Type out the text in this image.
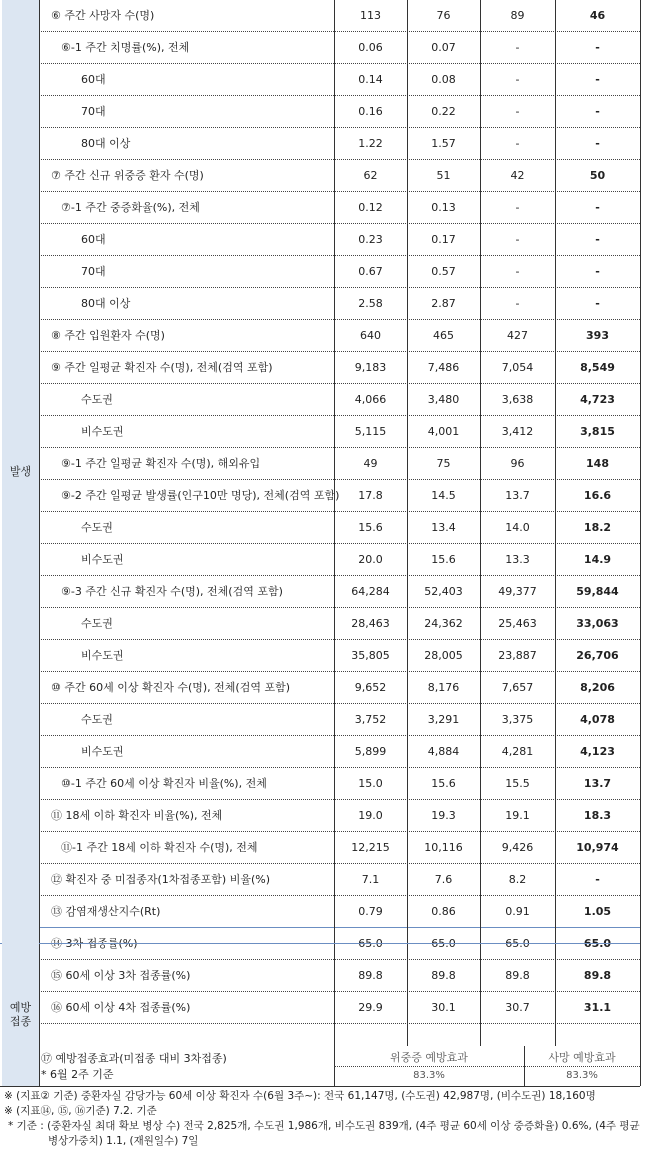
⑥ 주간 사망자 수(명)	113	76	89	46
⑥-1 주간 치명률(%), 전체	0.06	0.07	-	-
60대	0.14	0.08	-	-
70대	0.16	0.22	-	-
80대 이상	1.22	1.57	-	-
⑦ 주간 신규 위중증 환자 수(명)	62	51	42	50
⑦-1 주간 중증화율(%), 전체	0.12	0.13	-	-
60대	0.23	0.17	-	-
70대	0.67	0.57	-	-
80대 이상	2.58	2.87	-	-
⑧ 주간 입원환자 수(명)	640	465	427	393
⑨ 주간 일평균 확진자 수(명), 전체(검역 포함)	9,183	7,486	7,054	8,549
수도권	4,066	3,480	3,638	4,723
비수도권	5,115	4,001	3,412	3,815
⑨-1 주간 일평균 확진자 수(명), 해외유입	49	75	96	148
⑨-2 주간 일평균 발생률(인구10만 명당), 전체(검역 포함)	17.8	14.5	13.7	16.6
수도권	15.6	13.4	14.0	18.2
비수도권	20.0	15.6	13.3	14.9
⑨-3 주간 신규 확진자 수(명), 전체(검역 포함)	64,284	52,403	49,377	59,844
수도권	28,463	24,362	25,463	33,063
비수도권	35,805	28,005	23,887	26,706
⑩ 주간 60세 이상 확진자 수(명), 전체(검역 포함)	9,652	8,176	7,657	8,206
수도권	3,752	3,291	3,375	4,078
비수도권	5,899	4,884	4,281	4,123
⑩-1 주간 60세 이상 확진자 비율(%), 전체	15.0	15.6	15.5	13.7
⑪ 18세 이하 확진자 비율(%), 전체	19.0	19.3	19.1	18.3
⑪-1 주간 18세 이하 확진자 수(명), 전체	12,215	10,116	9,426	10,974
⑫ 확진자 중 미접종자(1차접종포함) 비율(%)	7.1	7.6	8.2	-
⑬ 감염재생산지수(Rt)	0.79	0.86	0.91	1.05
⑭ 3차 접종률(%)	65.0	65.0	65.0	65.0
⑮ 60세 이상 3차 접종률(%)	89.8	89.8	89.8	89.8
⑯ 60세 이상 4차 접종률(%)	29.9	30.1	30.7	31.1
발생
예방
접종
⑰ 예방접종효과(미접종 대비 3차접종)
* 6월 2주 기준
위중증 예방효과	사망 예방효과
83.3%	83.3%
※ (지표② 기준) 중환자실 감당가능 60세 이상 확진자 수(6월 3주~): 전국 61,147명, (수도권) 42,987명, (비수도권) 18,160명
※ (지표⑭, ⑮, ⑯기준) 7.2. 기준
* 기준 : (중환자실 최대 확보 병상 수) 전국 2,825개, 수도권 1,986개, 비수도권 839개, (4주 평균 60세 이상 중증화율) 0.6%, (4주 평균
병상가중치) 1.1, (재원일수) 7일
